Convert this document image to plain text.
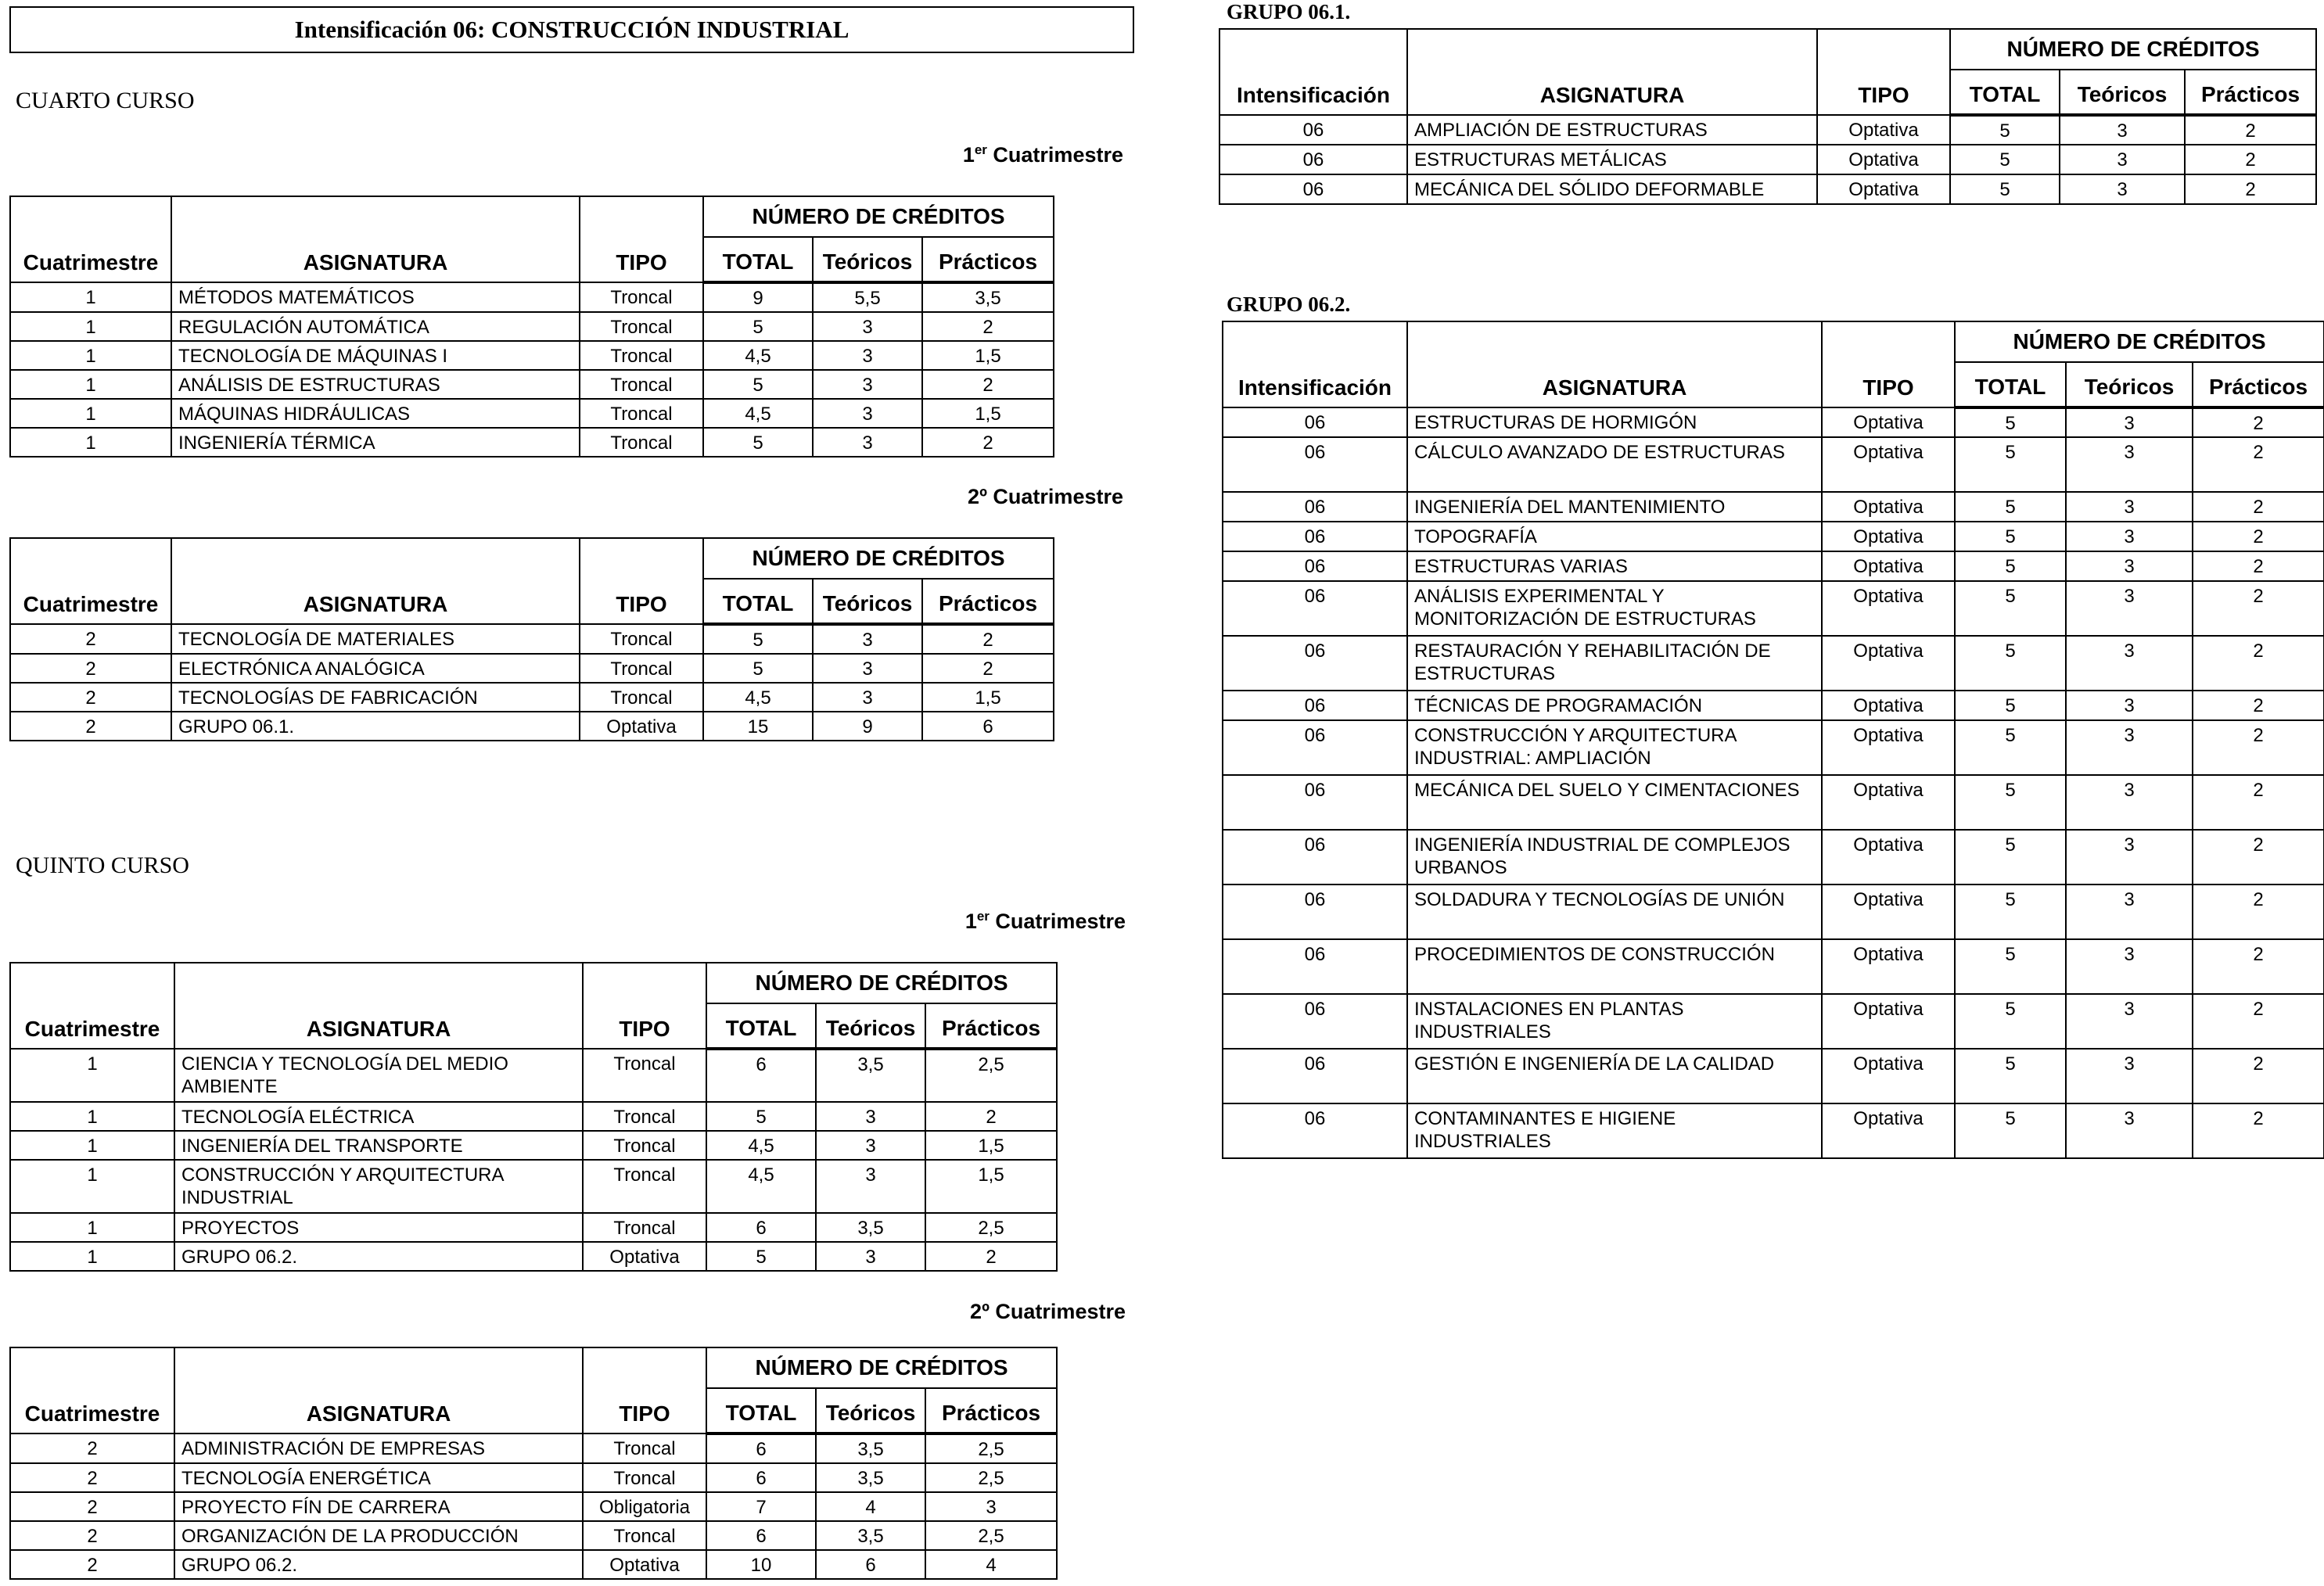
Intensificación 06: CONSTRUCCIÓN INDUSTRIAL
CUARTO CURSO
1er Cuatrimestre
Cuatrimestre	ASIGNATURA	TIPO	NÚMERO DE CRÉDITOS		
			TOTAL	Teóricos	Prácticos
1	MÉTODOS MATEMÁTICOS	Troncal	9	5,5	3,5
1	REGULACIÓN AUTOMÁTICA	Troncal	5	3	2
1	TECNOLOGÍA DE MÁQUINAS I	Troncal	4,5	3	1,5
1	ANÁLISIS DE ESTRUCTURAS	Troncal	5	3	2
1	MÁQUINAS HIDRÁULICAS	Troncal	4,5	3	1,5
1	INGENIERÍA TÉRMICA	Troncal	5	3	2
2º Cuatrimestre
Cuatrimestre	ASIGNATURA	TIPO	NÚMERO DE CRÉDITOS		
			TOTAL	Teóricos	Prácticos
2	TECNOLOGÍA DE MATERIALES	Troncal	5	3	2
2	ELECTRÓNICA ANALÓGICA	Troncal	5	3	2
2	TECNOLOGÍAS DE FABRICACIÓN	Troncal	4,5	3	1,5
2	GRUPO 06.1.	Optativa	15	9	6
QUINTO CURSO
1er Cuatrimestre
Cuatrimestre	ASIGNATURA	TIPO	NÚMERO DE CRÉDITOS		
			TOTAL	Teóricos	Prácticos
1	CIENCIA Y TECNOLOGÍA DEL MEDIO AMBIENTE	Troncal	6	3,5	2,5
1	TECNOLOGÍA ELÉCTRICA	Troncal	5	3	2
1	INGENIERÍA DEL TRANSPORTE	Troncal	4,5	3	1,5
1	CONSTRUCCIÓN Y ARQUITECTURA INDUSTRIAL	Troncal	4,5	3	1,5
1	PROYECTOS	Troncal	6	3,5	2,5
1	GRUPO 06.2.	Optativa	5	3	2
2º Cuatrimestre
Cuatrimestre	ASIGNATURA	TIPO	NÚMERO DE CRÉDITOS		
			TOTAL	Teóricos	Prácticos
2	ADMINISTRACIÓN DE EMPRESAS	Troncal	6	3,5	2,5
2	TECNOLOGÍA ENERGÉTICA	Troncal	6	3,5	2,5
2	PROYECTO FÍN DE CARRERA	Obligatoria	7	4	3
2	ORGANIZACIÓN DE LA PRODUCCIÓN	Troncal	6	3,5	2,5
2	GRUPO 06.2.	Optativa	10	6	4
GRUPO 06.1.
Intensificación	ASIGNATURA	TIPO	NÚMERO DE CRÉDITOS		
			TOTAL	Teóricos	Prácticos
06	AMPLIACIÓN DE ESTRUCTURAS	Optativa	5	3	2
06	ESTRUCTURAS METÁLICAS	Optativa	5	3	2
06	MECÁNICA DEL SÓLIDO DEFORMABLE	Optativa	5	3	2
GRUPO 06.2.
Intensificación	ASIGNATURA	TIPO	NÚMERO DE CRÉDITOS		
			TOTAL	Teóricos	Prácticos
06	ESTRUCTURAS DE HORMIGÓN	Optativa	5	3	2
06	CÁLCULO AVANZADO DE ESTRUCTURAS	Optativa	5	3	2
06	INGENIERÍA DEL MANTENIMIENTO	Optativa	5	3	2
06	TOPOGRAFÍA	Optativa	5	3	2
06	ESTRUCTURAS VARIAS	Optativa	5	3	2
06	ANÁLISIS EXPERIMENTAL Y MONITORIZACIÓN DE ESTRUCTURAS	Optativa	5	3	2
06	RESTAURACIÓN Y REHABILITACIÓN DE ESTRUCTURAS	Optativa	5	3	2
06	TÉCNICAS DE PROGRAMACIÓN	Optativa	5	3	2
06	CONSTRUCCIÓN Y ARQUITECTURA INDUSTRIAL: AMPLIACIÓN	Optativa	5	3	2
06	MECÁNICA DEL SUELO Y CIMENTACIONES	Optativa	5	3	2
06	INGENIERÍA INDUSTRIAL DE COMPLEJOS URBANOS	Optativa	5	3	2
06	SOLDADURA Y TECNOLOGÍAS DE UNIÓN	Optativa	5	3	2
06	PROCEDIMIENTOS DE CONSTRUCCIÓN	Optativa	5	3	2
06	INSTALACIONES EN PLANTAS INDUSTRIALES	Optativa	5	3	2
06	GESTIÓN E INGENIERÍA DE LA CALIDAD	Optativa	5	3	2
06	CONTAMINANTES E HIGIENE INDUSTRIALES	Optativa	5	3	2
